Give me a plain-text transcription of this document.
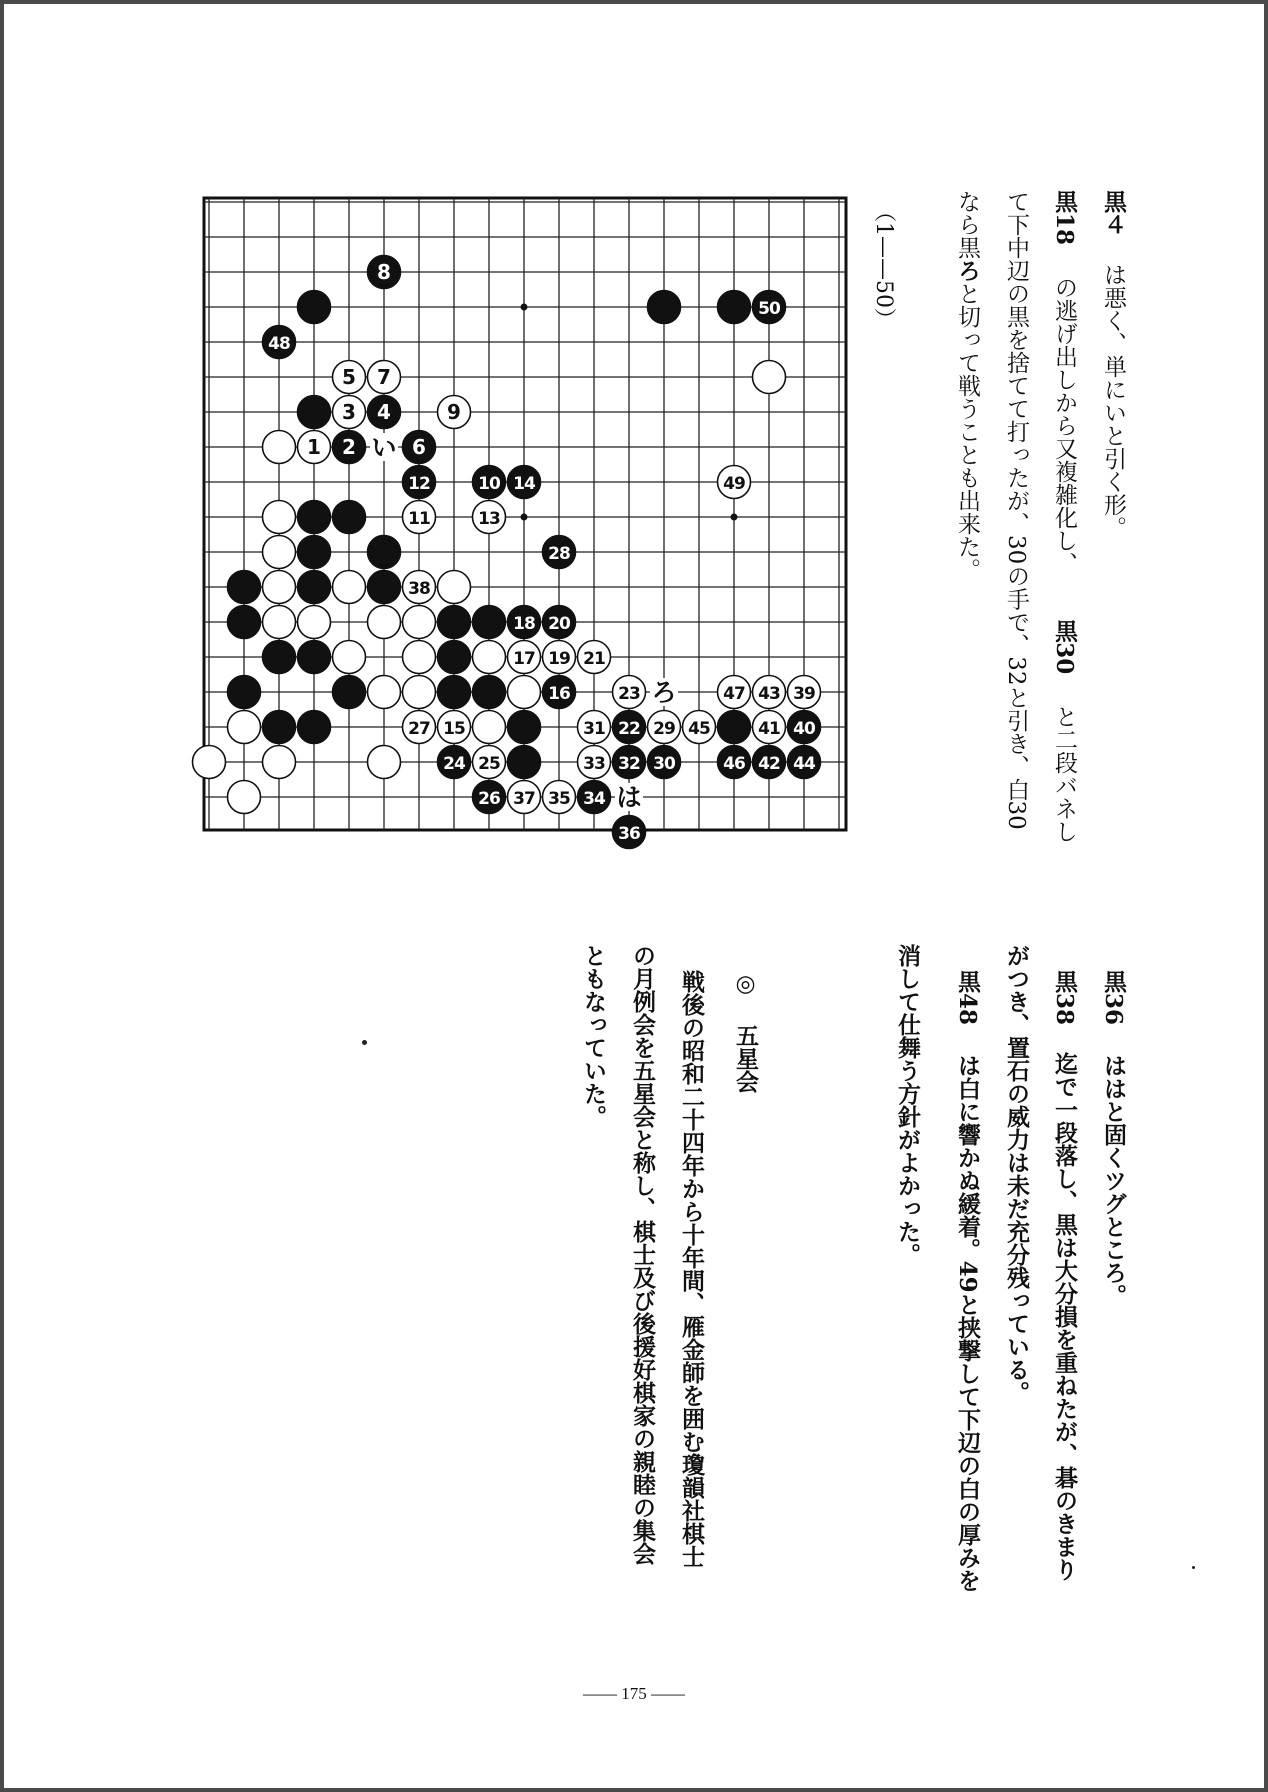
5 7
3	9
1
11	13
49
38
17 19 21
23	47 43 39
27 15	31	29 45	41
25	33
37 35
8
2
4
6
12	10 14
48
50
28
18 20
16
22	40
32 30	46 42 44
24
26	34
36
い
ろ
は
（1——50）	黒４  は悪く、単にいと引く形。
黒18  の逃げ出しから又複雑化し、  黒30  と二段バネし
て下中辺の黒を捨てて打ったが、30の手で、32と引き、白30
なら黒ろと切って戦うことも出来た。
黒36  ははと固くツグところ。
黒38  迄で一段落し、黒は大分損を重ねたが、碁のきまり
がつき、置石の威力は未だ充分残っている。
黒48  は白に響かぬ緩着。49と挟撃して下辺の白の厚みを
消して仕舞う方針がよかった。
◎  五星会
戦後の昭和二十四年から十年間、雁金師を囲む瓊韻社棋士
の月例会を五星会と称し、棋士及び後援好棋家の親睦の集会
ともなっていた。
—— 175 ——
